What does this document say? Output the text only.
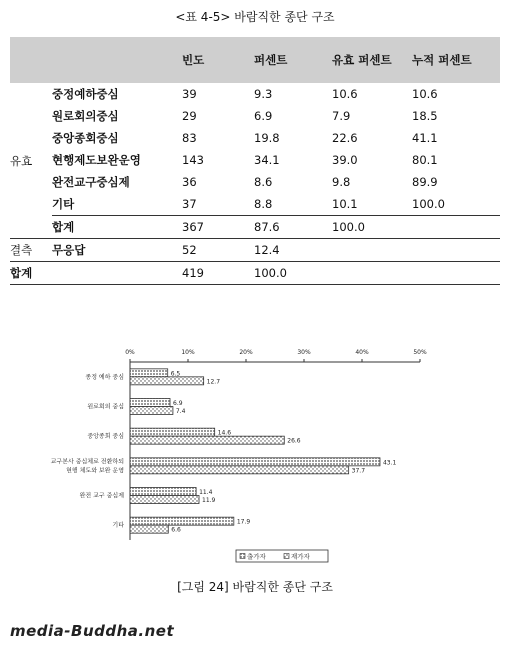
<표 4-5> 바람직한 종단 구조
		빈도	퍼센트	유효 퍼센트	누적 퍼센트
유효	중정예하중심	39	9.3	10.6	10.6
	원로회의중심	29	6.9	7.9	18.5
	중앙종회중심	83	19.8	22.6	41.1
	현행제도보완운영	143	34.1	39.0	80.1
	완전교구중심제	36	8.6	9.8	89.9
	기타	37	8.8	10.1	100.0
	합계	367	87.6	100.0	
결측	무응답	52	12.4		
합계		419	100.0		
0%	10%	20%	30%	40%	50%
종정 예하 중심	6.5
12.7
원로회의 중심	6.9
7.4
중앙종회 중심	14.6
26.6
교구본사 중심체로 전환하되
현행 체도와 보완 운영
43.1
37.7
완전 교구 중심제	11.4
11.9
기타	17.9
6.6
출가자	재가자
[그림 24] 바람직한 종단 구조
media-Buddha.net
